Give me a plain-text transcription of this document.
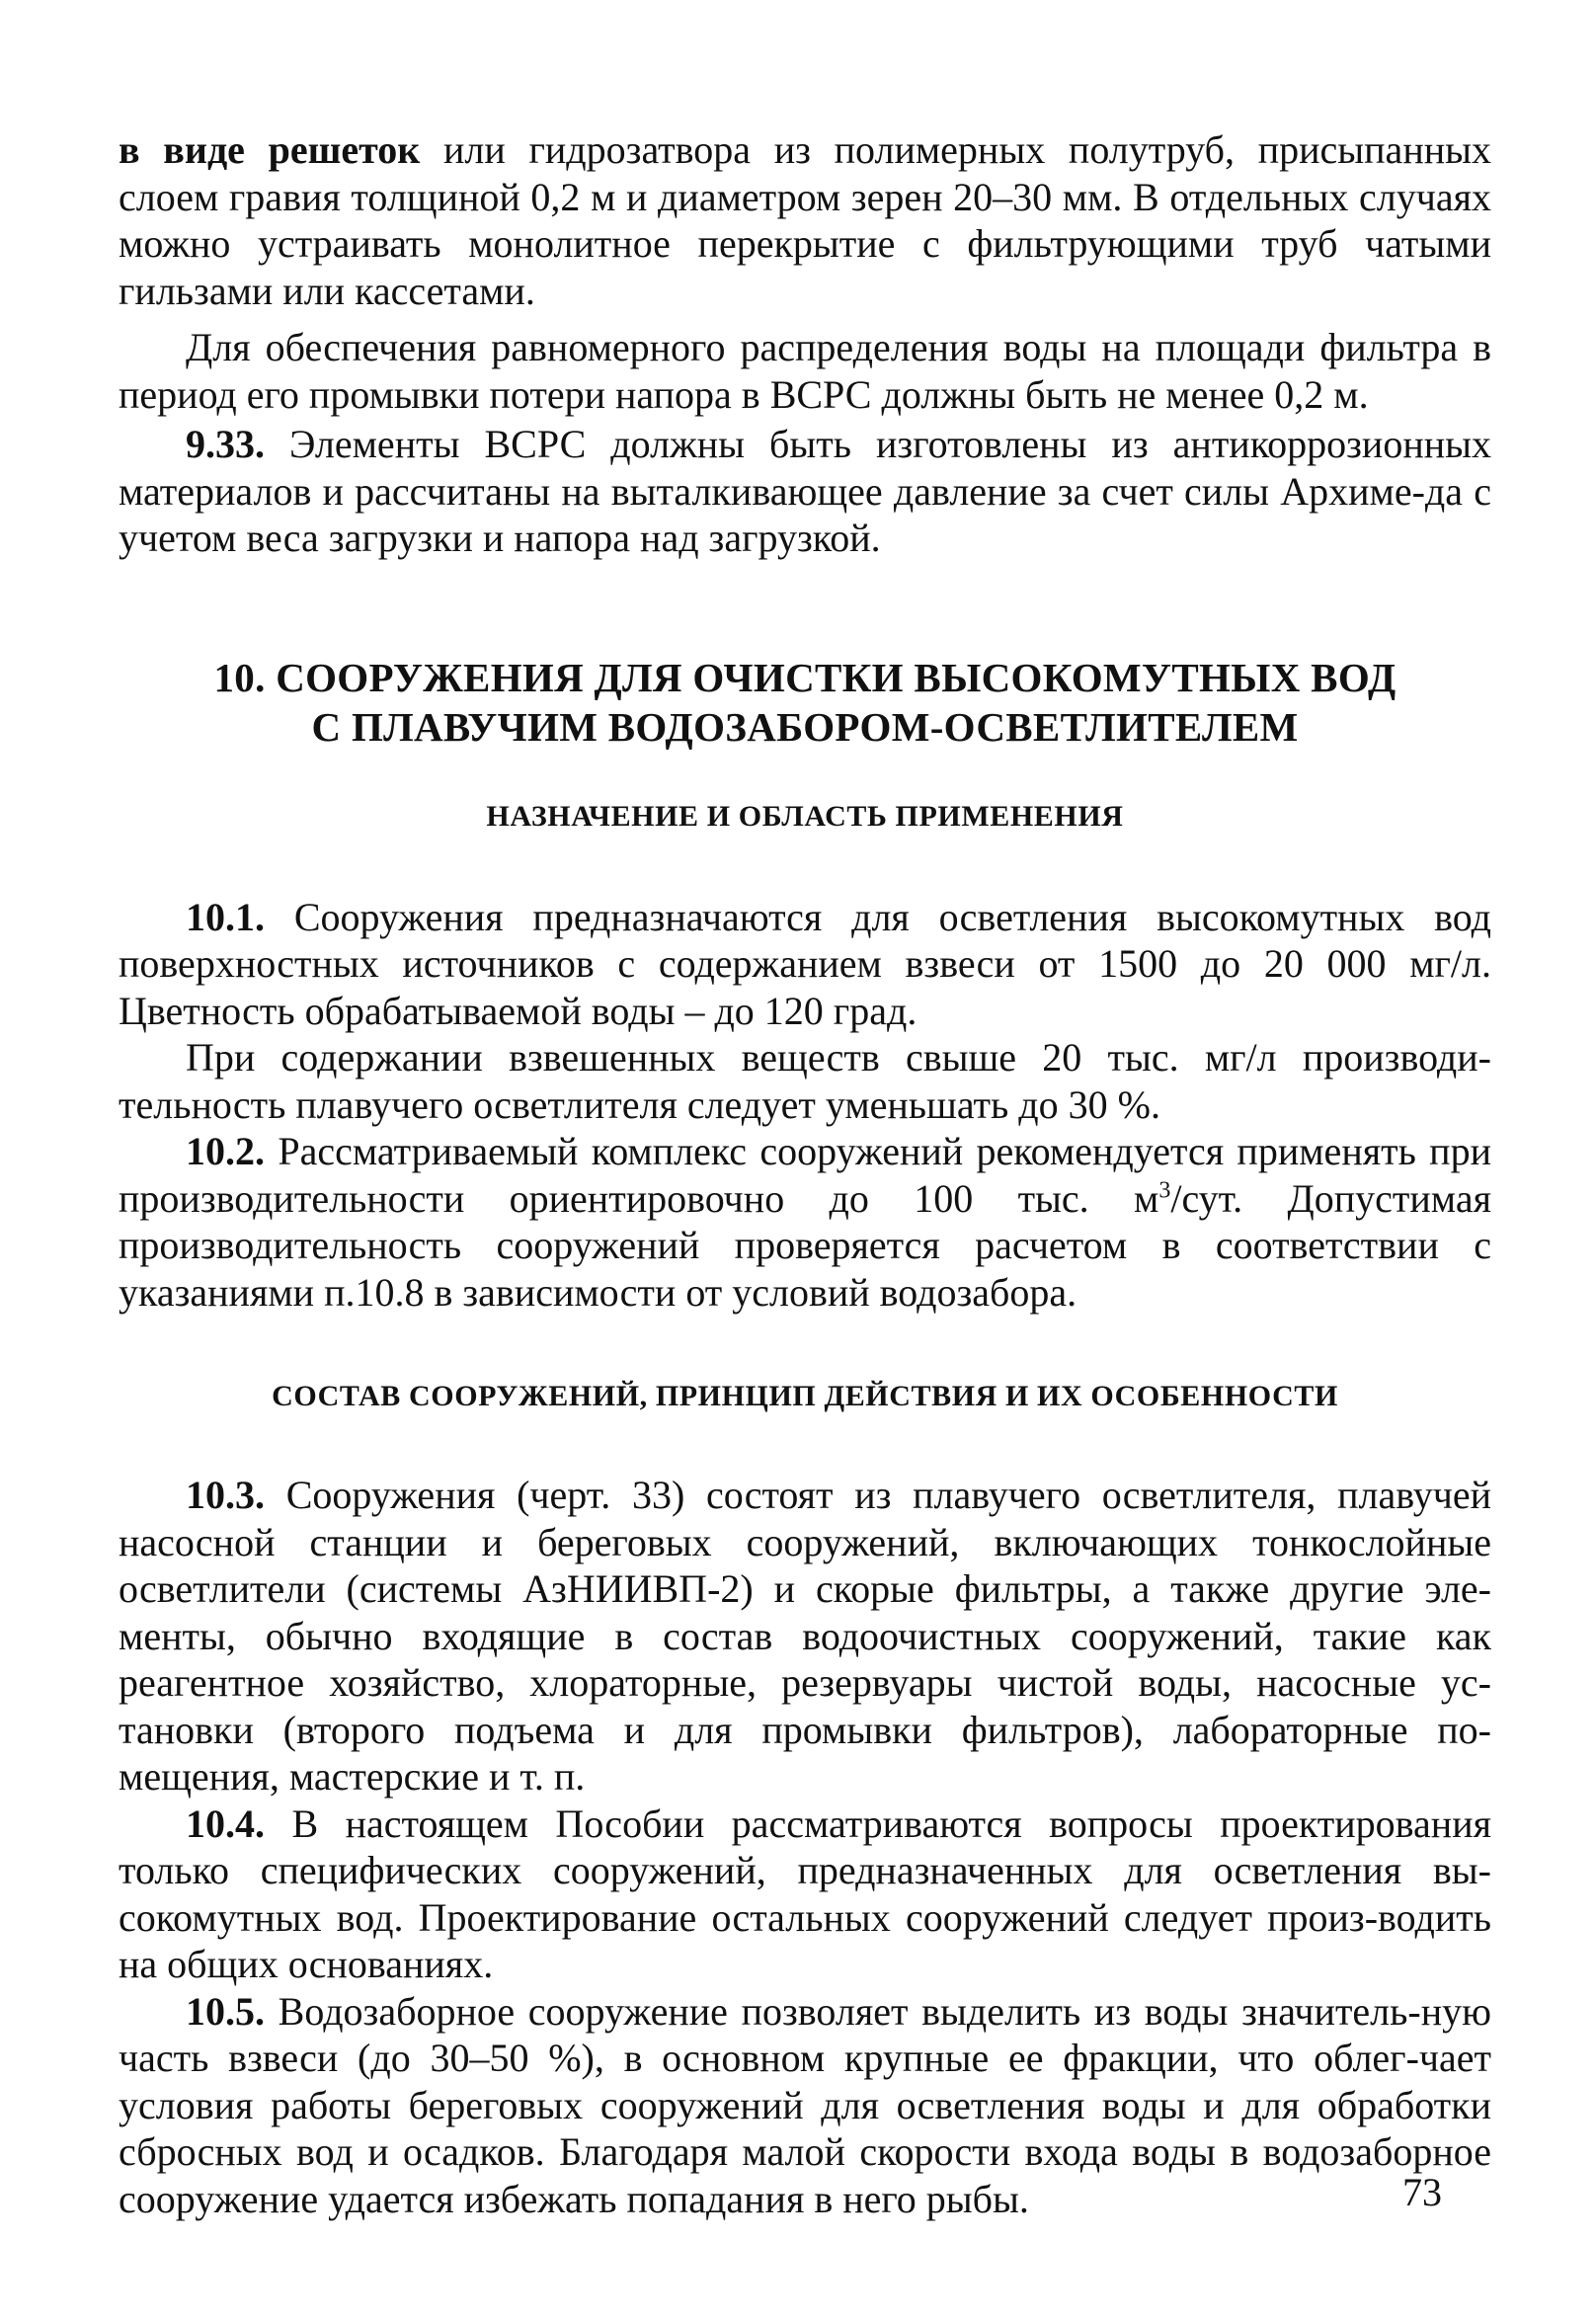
в виде решеток или гидрозатвора из полимерных полутруб, присыпанных слоем гравия толщиной 0,2 м и диаметром зерен 20–30 мм. В отдельных случаях можно устраивать монолитное перекрытие с фильтрующими труб чатыми гильзами или кассетами.

Для обеспечения равномерного распределения воды на площади фильтра в период его промывки потери напора в ВСРС должны быть не менее 0,2 м.

9.33. Элементы ВСРС должны быть изготовлены из антикоррозионных материалов и рассчитаны на выталкивающее давление за счет силы Архиме-да с учетом веса загрузки и напора над загрузкой.

10. СООРУЖЕНИЯ ДЛЯ ОЧИСТКИ ВЫСОКОМУТНЫХ ВОД
С ПЛАВУЧИМ ВОДОЗАБОРОМ-ОСВЕТЛИТЕЛЕМ
НАЗНАЧЕНИЕ И ОБЛАСТЬ ПРИМЕНЕНИЯ

10.1. Сооружения предназначаются для осветления высокомутных вод поверхностных источников с содержанием взвеси от 1500 до 20 000 мг/л. Цветность обрабатываемой воды – до 120 град.

При содержании взвешенных веществ свыше 20 тыс. мг/л производи-тельность плавучего осветлителя следует уменьшать до 30 %.

10.2. Рассматриваемый комплекс сооружений рекомендуется применять при производительности ориентировочно до 100 тыс. $м^3$/сут. Допустимая производительность сооружений проверяется расчетом в соответствии с указаниями п.10.8 в зависимости от условий водозабора.

СОСТАВ СООРУЖЕНИЙ, ПРИНЦИП ДЕЙСТВИЯ И ИХ ОСОБЕННОСТИ

10.3. Сооружения (черт. 33) состоят из плавучего осветлителя, плавучей насосной станции и береговых сооружений, включающих тонкослойные осветлители (системы АзНИИВП-2) и скорые фильтры, а также другие эле-менты, обычно входящие в состав водоочистных сооружений, такие как реагентное хозяйство, хлораторные, резервуары чистой воды, насосные ус-тановки (второго подъема и для промывки фильтров), лабораторные по-мещения, мастерские и т. п.

10.4. В настоящем Пособии рассматриваются вопросы проектирования только специфических сооружений, предназначенных для осветления вы-сокомутных вод. Проектирование остальных сооружений следует произ-водить на общих основаниях.

10.5. Водозаборное сооружение позволяет выделить из воды значитель-ную часть взвеси (до 30–50 %), в основном крупные ее фракции, что облег-чает условия работы береговых сооружений для осветления воды и для обработки сбросных вод и осадков. Благодаря малой скорости входа воды в водозаборное сооружение удается избежать попадания в него рыбы.	73
